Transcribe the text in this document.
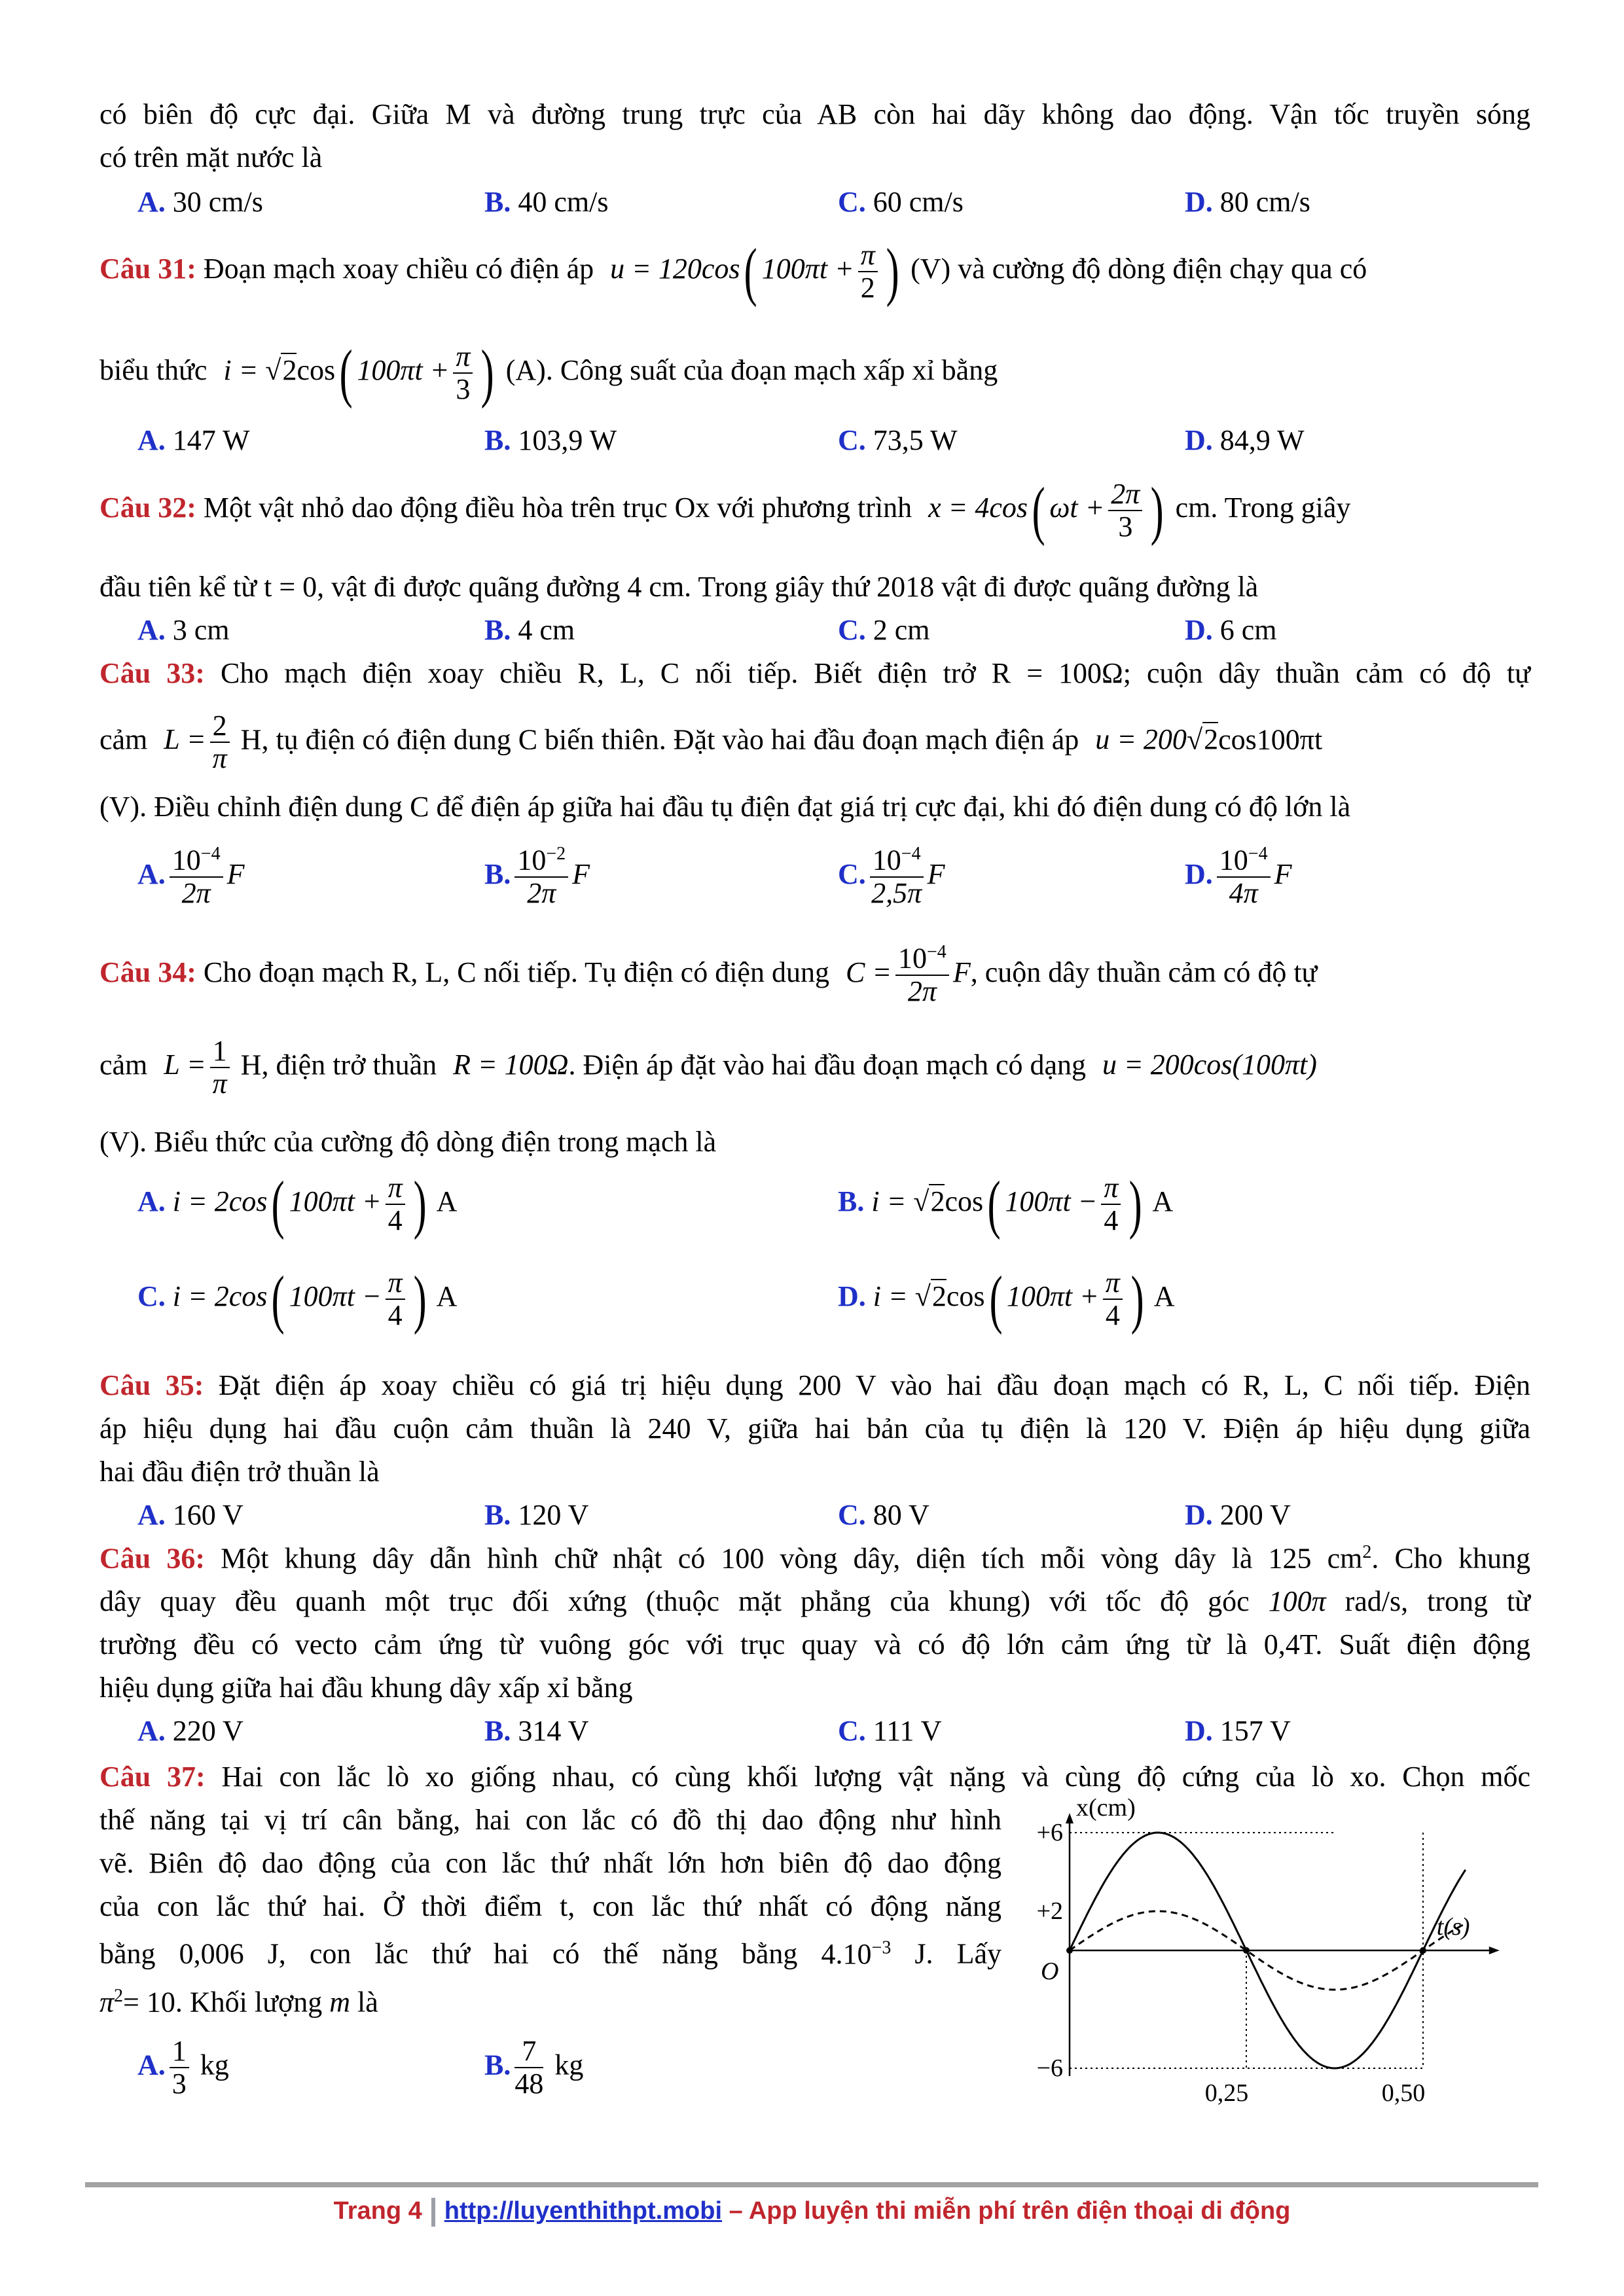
có biên độ cực đại. Giữa M và đường trung trực của AB còn hai dãy không dao động. Vận tốc truyền sóng
có trên mặt nước là
A. 30 cm/s	B. 40 cm/s	C. 60 cm/s	D. 80 cm/s
Câu 31: Đoạn mạch xoay chiều có điện áp u = 120cos( $100\pi t + \frac{\pi}{2}$ ) (V) và cường độ dòng điện chạy qua có
biểu thức i = √2cos( $100\pi t + \frac{\pi}{3}$ ) (A). Công suất của đoạn mạch xấp xỉ bằng
A. 147 W	B. 103,9 W	C. 73,5 W	D. 84,9 W
Câu 32: Một vật nhỏ dao động điều hòa trên trục Ox với phương trình x = 4cos( $\omega t + \frac{2\pi}{3}$ ) cm. Trong giây
đầu tiên kể từ t = 0, vật đi được quãng đường 4 cm. Trong giây thứ 2018 vật đi được quãng đường là
A. 3 cm	B. 4 cm	C. 2 cm	D. 6 cm
Câu 33: Cho mạch điện xoay chiều R, L, C nối tiếp. Biết điện trở R = 100Ω; cuộn dây thuần cảm có độ tự
cảm $L = \frac{2}{\pi} H$, tụ điện có điện dung C biến thiên. Đặt vào hai đầu đoạn mạch điện áp u = 200√2cos100πt
(V). Điều chỉnh điện dung C để điện áp giữa hai đầu tụ điện đạt giá trị cực đại, khi đó điện dung có độ lớn là
A. $\frac{10^{-4}}{2\pi}$ F	B. $\frac{10^{-2}}{2\pi}$ F	C. $\frac{10^{-4}}{2,5\pi}$ F	D. $\frac{10^{-4}}{4\pi}$ F
Câu 34: Cho đoạn mạch R, L, C nối tiếp. Tụ điện có điện dung $C = \frac{10^{-4}}{2\pi} F$, cuộn dây thuần cảm có độ tự
cảm $L = \frac{1}{\pi} H$, điện trở thuần R = 100Ω. Điện áp đặt vào hai đầu đoạn mạch có dạng u = 200cos(100πt)
(V). Biểu thức của cường độ dòng điện trong mạch là
A. i = 2cos( $100\pi t + \frac{\pi}{4}$ ) A	B. i = √2cos( $100\pi t - \frac{\pi}{4}$ ) A
C. i = 2cos( $100\pi t - \frac{\pi}{4}$ ) A	D. i = √2cos( $100\pi t + \frac{\pi}{4}$ ) A
Câu 35: Đặt điện áp xoay chiều có giá trị hiệu dụng 200 V vào hai đầu đoạn mạch có R, L, C nối tiếp. Điện
áp hiệu dụng hai đầu cuộn cảm thuần là 240 V, giữa hai bản của tụ điện là 120 V. Điện áp hiệu dụng giữa
hai đầu điện trở thuần là
A. 160 V	B. 120 V	C. 80 V	D. 200 V
Câu 36: Một khung dây dẫn hình chữ nhật có 100 vòng dây, diện tích mỗi vòng dây là 125 $cm^2$. Cho khung
dây quay đều quanh một trục đối xứng (thuộc mặt phẳng của khung) với tốc độ góc 100π rad/s, trong từ
trường đều có vecto cảm ứng từ vuông góc với trục quay và có độ lớn cảm ứng từ là 0,4T. Suất điện động
hiệu dụng giữa hai đầu khung dây xấp xỉ bằng
A. 220 V	B. 314 V	C. 111 V	D. 157 V
Câu 37: Hai con lắc lò xo giống nhau, có cùng khối lượng vật nặng và cùng độ cứng của lò xo. Chọn mốc
thế năng tại vị trí cân bằng, hai con lắc có đồ thị dao động như hình
vẽ. Biên độ dao động của con lắc thứ nhất lớn hơn biên độ dao động
của con lắc thứ hai. Ở thời điểm t, con lắc thứ nhất có động năng
bằng 0,006 J, con lắc thứ hai có thế năng bằng $4.10^{-3}$ J. Lấy
$\pi^2= 10$. Khối lượng m là
A. $\frac{1}{3}$ kg	B. $\frac{7}{48}$ kg
x(cm)
t(s)
O
+6
+2
−6
0,25	0,50
Trang 4 http://luyenthithpt.mobi – App luyện thi miễn phí trên điện thoại di động
